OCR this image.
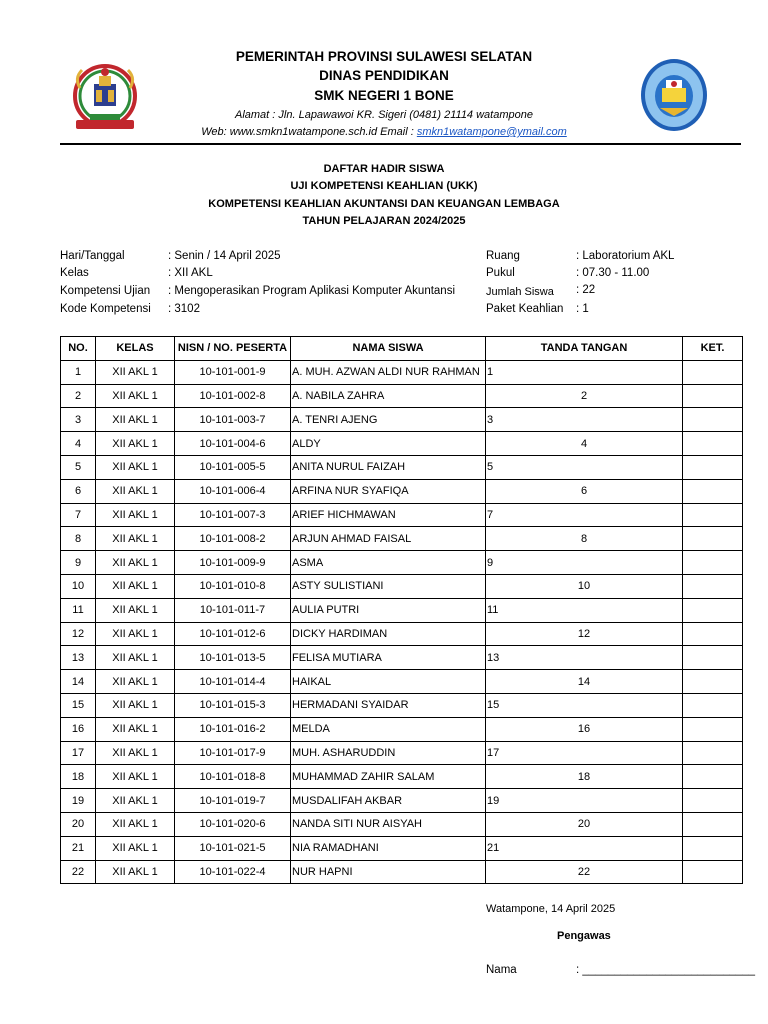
PEMERINTAH PROVINSI SULAWESI SELATAN
DINAS PENDIDIKAN
SMK NEGERI 1 BONE
Alamat : Jln. Lapawawoi KR. Sigeri (0481) 21114 watampone
Web: www.smkn1watampone.sch.id Email : smkn1watampone@ymail.com
DAFTAR HADIR SISWA
UJI KOMPETENSI KEAHLIAN (UKK)
KOMPETENSI KEAHLIAN AKUNTANSI DAN KEUANGAN LEMBAGA
TAHUN PELAJARAN 2024/2025
Hari/Tanggal	: Senin / 14 April 2025
Kelas	: XII AKL
Kompetensi Ujian : Mengoperasikan Program Aplikasi Komputer Akuntansi
Kode Kompetensi : 3102
Ruang	: Laboratorium AKL
Pukul	: 07.30 - 11.00
Jumlah Siswa : 22
Paket Keahlian : 1
NO.	KELAS	NISN / NO. PESERTA	NAMA SISWA	TANDA TANGAN	KET.
1	XII AKL 1	10-101-001-9	A. MUH. AZWAN ALDI NUR RAHMAN	1	
2	XII AKL 1	10-101-002-8	A. NABILA ZAHRA	2	
3	XII AKL 1	10-101-003-7	A. TENRI AJENG	3	
4	XII AKL 1	10-101-004-6	ALDY	4	
5	XII AKL 1	10-101-005-5	ANITA NURUL FAIZAH	5	
6	XII AKL 1	10-101-006-4	ARFINA NUR SYAFIQA	6	
7	XII AKL 1	10-101-007-3	ARIEF HICHMAWAN	7	
8	XII AKL 1	10-101-008-2	ARJUN AHMAD FAISAL	8	
9	XII AKL 1	10-101-009-9	ASMA	9	
10	XII AKL 1	10-101-010-8	ASTY SULISTIANI	10	
11	XII AKL 1	10-101-011-7	AULIA PUTRI	11	
12	XII AKL 1	10-101-012-6	DICKY HARDIMAN	12	
13	XII AKL 1	10-101-013-5	FELISA MUTIARA	13	
14	XII AKL 1	10-101-014-4	HAIKAL	14	
15	XII AKL 1	10-101-015-3	HERMADANI SYAIDAR	15	
16	XII AKL 1	10-101-016-2	MELDA	16	
17	XII AKL 1	10-101-017-9	MUH. ASHARUDDIN	17	
18	XII AKL 1	10-101-018-8	MUHAMMAD ZAHIR SALAM	18	
19	XII AKL 1	10-101-019-7	MUSDALIFAH AKBAR	19	
20	XII AKL 1	10-101-020-6	NANDA SITI NUR AISYAH	20	
21	XII AKL 1	10-101-021-5	NIA RAMADHANI	21	
22	XII AKL 1	10-101-022-4	NUR HAPNI	22	
Watampone, 14 April 2025
Pengawas
Nama	: ___________________________
